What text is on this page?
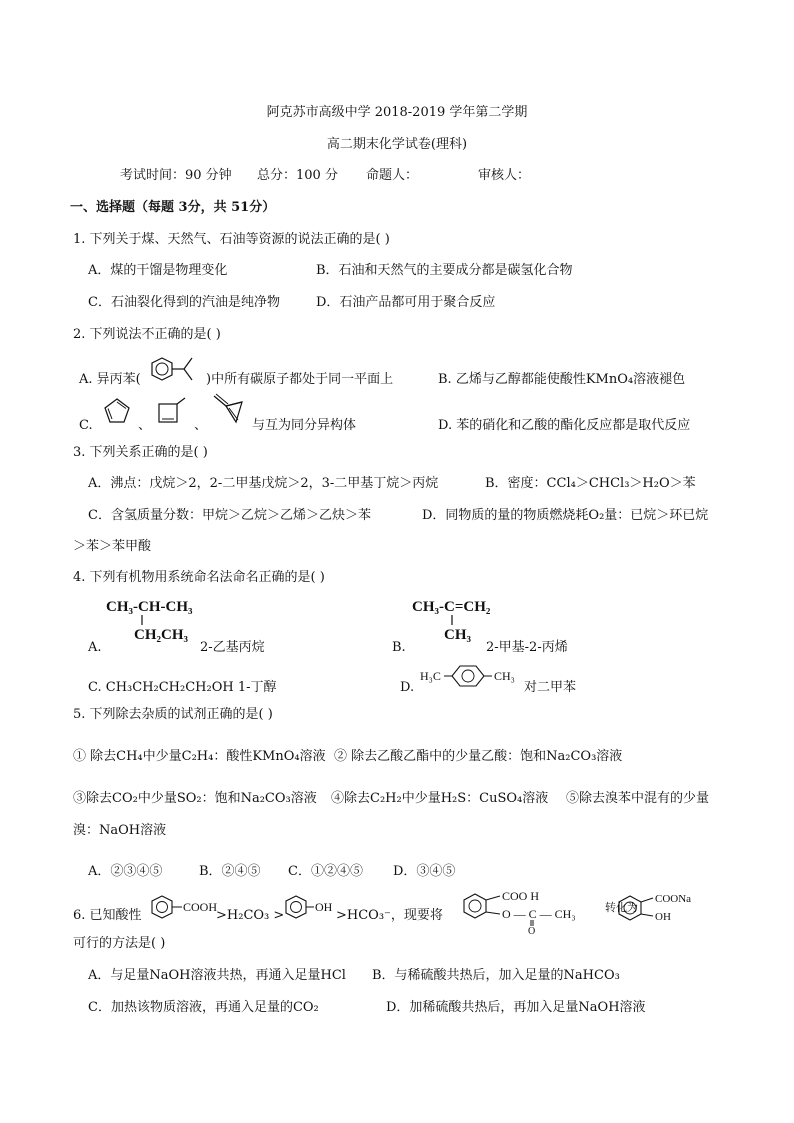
阿克苏市高级中学 2018-2019 学年第二学期
高二期末化学试卷(理科)
考试时间：90 分钟 总分：100 分 命题人：	审核人：
一、选择题（每题 3分，共 51分）
1. 下列关于煤、天然气、石油等资源的说法正确的是( )
A．煤的干馏是物理变化	B．石油和天然气的主要成分都是碳氢化合物
C．石油裂化得到的汽油是纯净物	D．石油产品都可用于聚合反应
2. 下列说法不正确的是( )
A. 异丙苯(	)中所有碳原子都处于同一平面上	B. 乙烯与乙醇都能使酸性KMnO₄溶液褪色
C.	、	、	与互为同分异构体	D. 苯的硝化和乙酸的酯化反应都是取代反应
3. 下列关系正确的是( )
A．沸点：戊烷＞2，2-二甲基戊烷＞2，3-二甲基丁烷＞丙烷	B．密度：CCl₄＞CHCl₃＞H₂O＞苯
C．含氢质量分数：甲烷＞乙烷＞乙烯＞乙炔＞苯	D．同物质的量的物质燃烧耗O₂量：已烷＞环已烷
＞苯＞苯甲酸
4. 下列有机物用系统命名法命名正确的是( )
CH₃-CH-CH₃
CH₂CH₃
A.	2-乙基丙烷
CH₃-C=CH₂
CH₃
B.	2-甲基-2-丙烯
C. CH₃CH₂CH₂CH₂OH 1-丁醇	D.
H₃C	CH₃
对二甲苯
5. 下列除去杂质的试剂正确的是( )
① 除去CH₄中少量C₂H₄：酸性KMnO₄溶液 ② 除去乙酸乙酯中的少量乙酸：饱和Na₂CO₃溶液
③除去CO₂中少量SO₂：饱和Na₂CO₃溶液 ④除去C₂H₂中少量H₂S：CuSO₄溶液 ⑤除去溴苯中混有的少量
溴：NaOH溶液
A．②③④⑤	B．②④⑤ C．①②④⑤ D．③④⑤
6. 已知酸性
COOH
>H₂CO₃ >
OH
>HCO₃⁻，现要将
COO H
O — C — CH₃
O
转化为
COONa
OH
可行的方法是( )
A．与足量NaOH溶液共热，再通入足量HCl B．与稀硫酸共热后，加入足量的NaHCO₃
C．加热该物质溶液，再通入足量的CO₂	D．加稀硫酸共热后，再加入足量NaOH溶液
